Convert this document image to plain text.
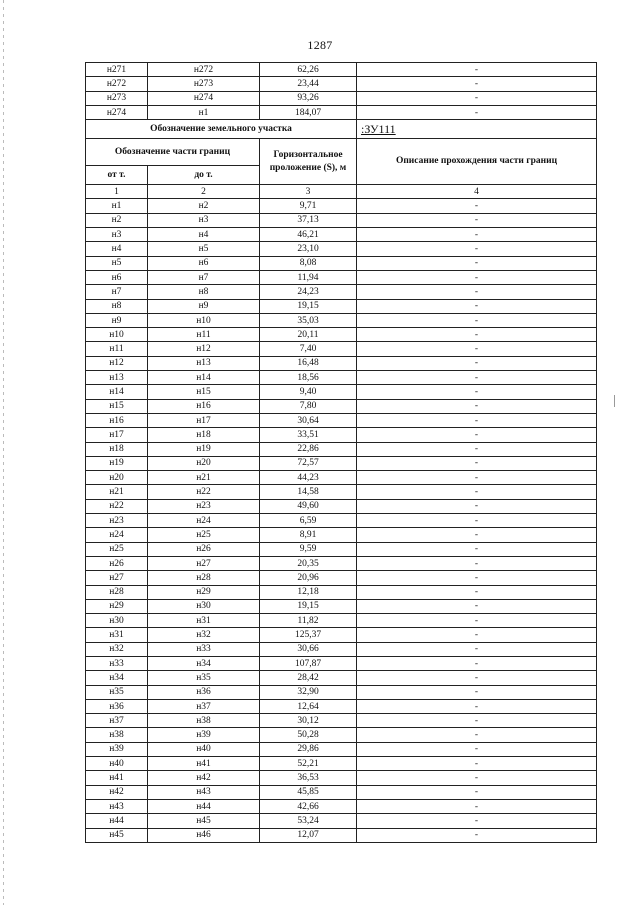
1287
н271	н272	62,26	-
н272	н273	23,44	-
н273	н274	93,26	-
н274	н1	184,07	-
Обозначение земельного участка			:ЗУ111
Обозначение части границ		Горизонтальное проложение (S), м	Описание прохождения части границ
от т.	до т.		
1	2	3	4
н1	н2	9,71	-
н2	н3	37,13	-
н3	н4	46,21	-
н4	н5	23,10	-
н5	н6	8,08	-
н6	н7	11,94	-
н7	н8	24,23	-
н8	н9	19,15	-
н9	н10	35,03	-
н10	н11	20,11	-
н11	н12	7,40	-
н12	н13	16,48	-
н13	н14	18,56	-
н14	н15	9,40	-
н15	н16	7,80	-
н16	н17	30,64	-
н17	н18	33,51	-
н18	н19	22,86	-
н19	н20	72,57	-
н20	н21	44,23	-
н21	н22	14,58	-
н22	н23	49,60	-
н23	н24	6,59	-
н24	н25	8,91	-
н25	н26	9,59	-
н26	н27	20,35	-
н27	н28	20,96	-
н28	н29	12,18	-
н29	н30	19,15	-
н30	н31	11,82	-
н31	н32	125,37	-
н32	н33	30,66	-
н33	н34	107,87	-
н34	н35	28,42	-
н35	н36	32,90	-
н36	н37	12,64	-
н37	н38	30,12	-
н38	н39	50,28	-
н39	н40	29,86	-
н40	н41	52,21	-
н41	н42	36,53	-
н42	н43	45,85	-
н43	н44	42,66	-
н44	н45	53,24	-
н45	н46	12,07	-
